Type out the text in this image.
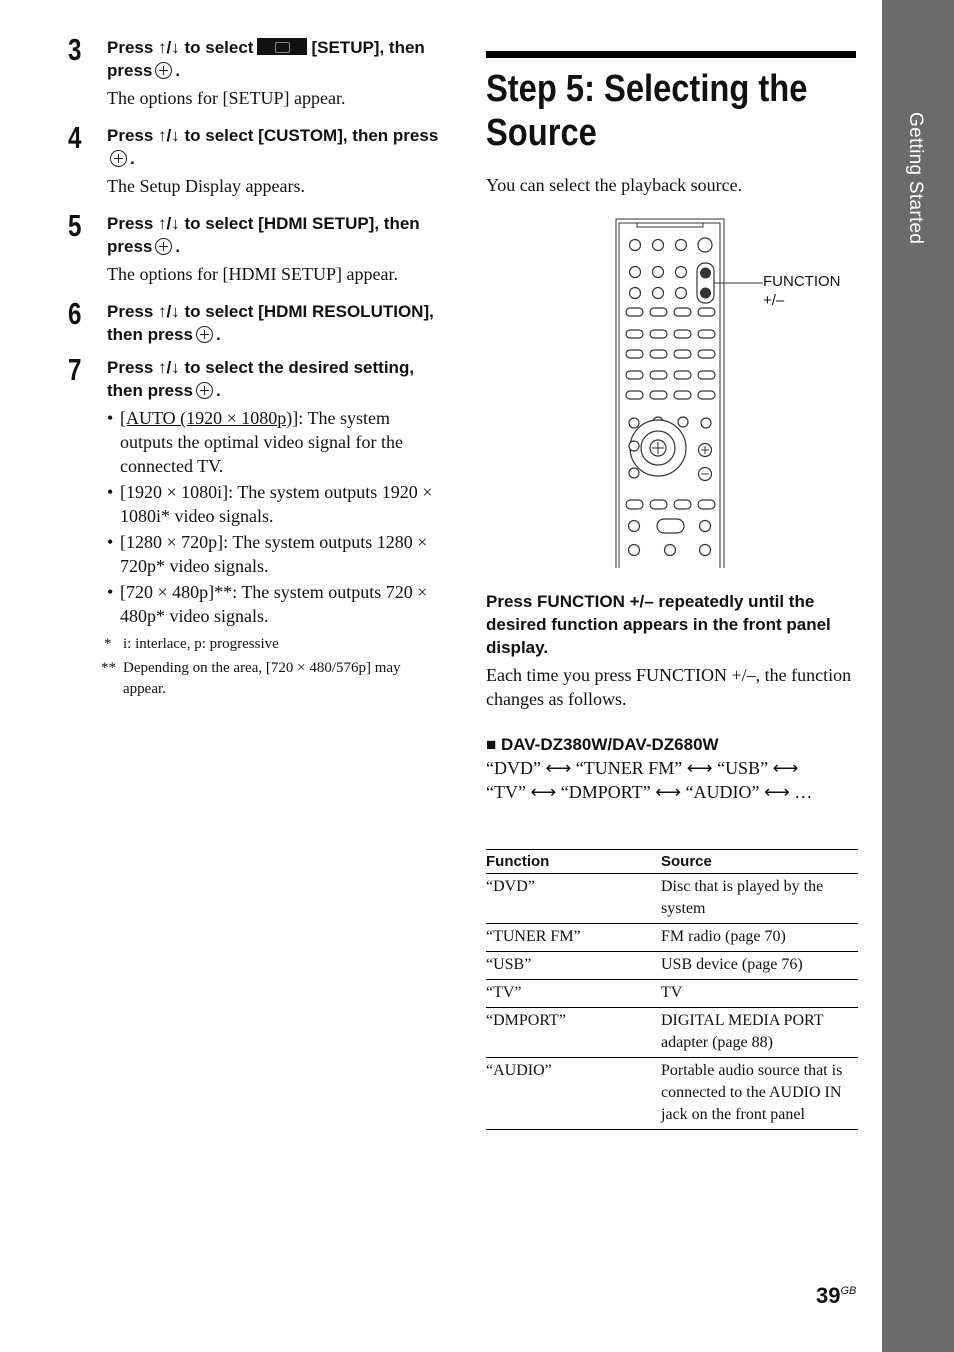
Getting Started
3 Press ↑/↓ to select	[SETUP], then press .
The options for [SETUP] appear.
4 Press ↑/↓ to select [CUSTOM], then press.
The Setup Display appears.
5 Press ↑/↓ to select [HDMI SETUP], then press .
The options for [HDMI SETUP] appear.
6 Press ↑/↓ to select [HDMI RESOLUTION], then press .
7 Press ↑/↓ to select the desired setting, then press .
• [AUTO (1920 × 1080p)]: The system outputs the optimal video signal for the connected TV.
• [1920 × 1080i]: The system outputs 1920 × 1080i* video signals.
• [1280 × 720p]: The system outputs 1280 × 720p* video signals.
• [720 × 480p]**: The system outputs 720 × 480p* video signals.
* i: interlace, p: progressive
** Depending on the area, [720 × 480/576p] may appear.
Step 5: Selecting the Source
You can select the playback source.
FUNCTION
+/–
Press FUNCTION +/– repeatedly until the desired function appears in the front panel display.
Each time you press FUNCTION +/–, the function changes as follows.
■ DAV-DZ380W/DAV-DZ680W
“DVD” ⟷ “TUNER FM” ⟷ “USB” ⟷
“TV” ⟷ “DMPORT” ⟷ “AUDIO” ⟷ …
Function	Source
“DVD”	Disc that is played by the system
“TUNER FM”	FM radio (page 70)
“USB”	USB device (page 76)
“TV”	TV
“DMPORT”	DIGITAL MEDIA PORT adapter (page 88)
“AUDIO”	Portable audio source that is connected to the AUDIO IN jack on the front panel
$39^{GB}$
